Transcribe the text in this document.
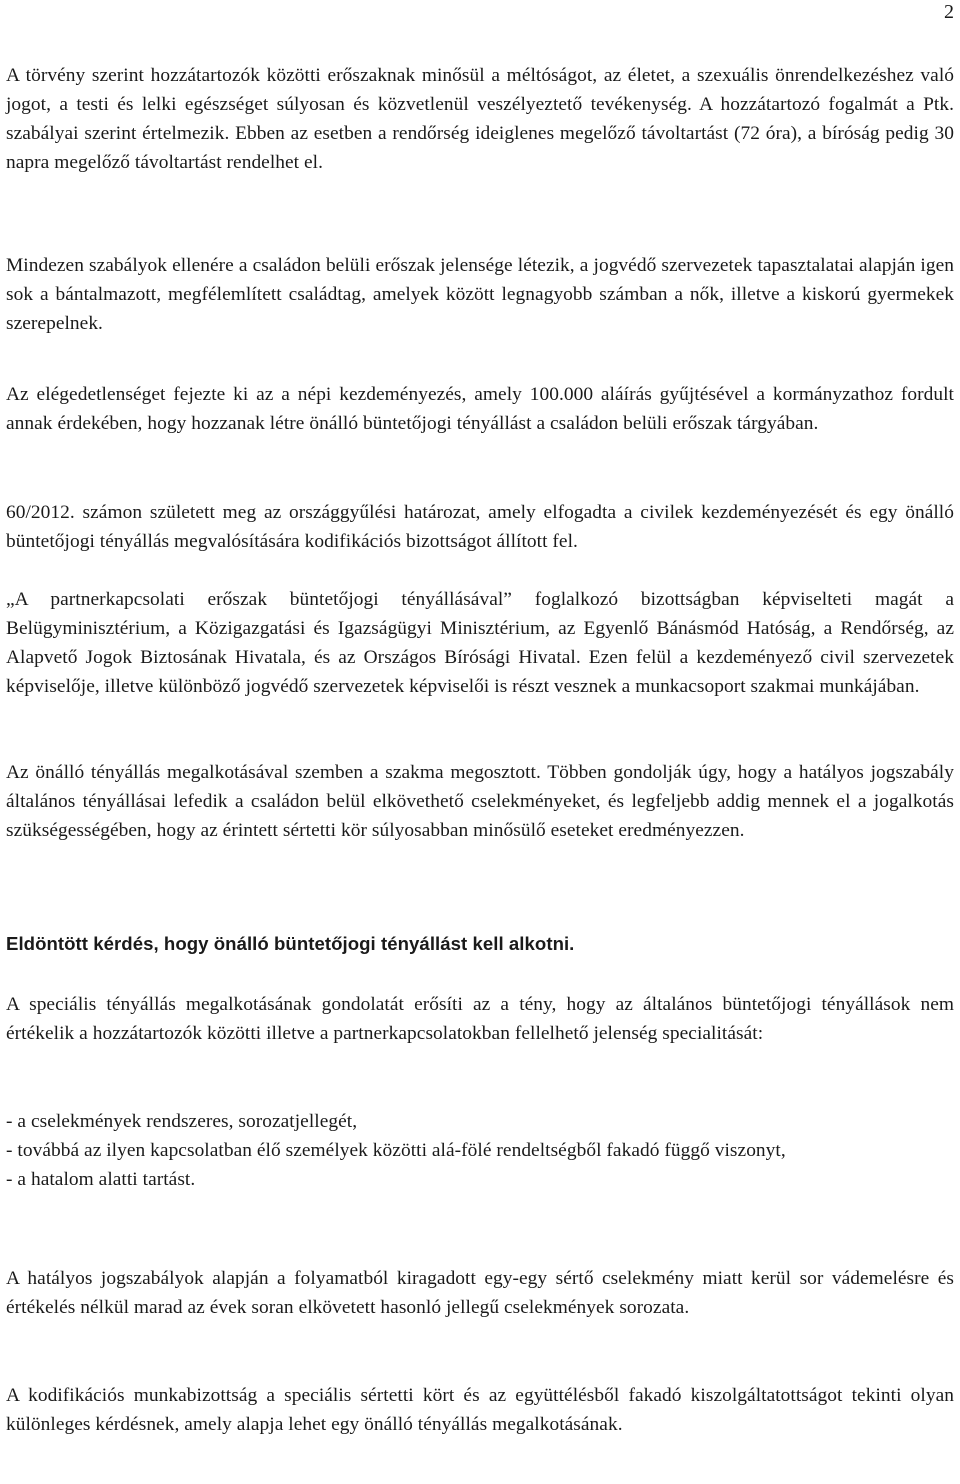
2

A törvény szerint hozzátartozók közötti erőszaknak minősül a méltóságot, az életet, a szexuális önrendelkezéshez való jogot, a testi és lelki egészséget súlyosan és közvetlenül veszélyeztető tevékenység. A hozzátartozó fogalmát a Ptk. szabályai szerint értelmezik. Ebben az esetben a rendőrség ideiglenes megelőző távoltartást (72 óra), a bíróság pedig 30 napra megelőző távoltartást rendelhet el.

Mindezen szabályok ellenére a családon belüli erőszak jelensége létezik, a jogvédő szervezetek tapasztalatai alapján igen sok a bántalmazott, megfélemlített családtag, amelyek között legnagyobb számban a nők, illetve a kiskorú gyermekek szerepelnek.

Az elégedetlenséget fejezte ki az a népi kezdeményezés, amely 100.000 aláírás gyűjtésével a kormányzathoz fordult annak érdekében, hogy hozzanak létre önálló büntetőjogi tényállást a családon belüli erőszak tárgyában.

60/2012. számon született meg az országgyűlési határozat, amely elfogadta a civilek kezdeményezését és egy önálló büntetőjogi tényállás megvalósítására kodifikációs bizottságot állított fel.

„A partnerkapcsolati erőszak büntetőjogi tényállásával” foglalkozó bizottságban képviselteti magát a Belügyminisztérium, a Közigazgatási és Igazságügyi Minisztérium, az Egyenlő Bánásmód Hatóság, a Rendőrség, az Alapvető Jogok Biztosának Hivatala, és az Országos Bírósági Hivatal. Ezen felül a kezdeményező civil szervezetek képviselője, illetve különböző jogvédő szervezetek képviselői is részt vesznek a munkacsoport szakmai munkájában.

Az önálló tényállás megalkotásával szemben a szakma megosztott. Többen gondolják úgy, hogy a hatályos jogszabály általános tényállásai lefedik a családon belül elkövethető cselekményeket, és legfeljebb addig mennek el a jogalkotás szükségességében, hogy az érintett sértetti kör súlyosabban minősülő eseteket eredményezzen.

Eldöntött kérdés, hogy önálló büntetőjogi tényállást kell alkotni.

A speciális tényállás megalkotásának gondolatát erősíti az a tény, hogy az általános büntetőjogi tényállások nem értékelik a hozzátartozók közötti illetve a partnerkapcsolatokban fellelhető jelenség specialitását:

- a cselekmények rendszeres, sorozatjellegét,
- továbbá az ilyen kapcsolatban élő személyek közötti alá-fölé rendeltségből fakadó függő viszonyt,
- a hatalom alatti tartást.

A hatályos jogszabályok alapján a folyamatból kiragadott egy-egy sértő cselekmény miatt kerül sor vádemelésre és értékelés nélkül marad az évek soran elkövetett hasonló jellegű cselekmények sorozata.

A kodifikációs munkabizottság a speciális sértetti kört és az együttélésből fakadó kiszolgáltatottságot tekinti olyan különleges kérdésnek, amely alapja lehet egy önálló tényállás megalkotásának.
